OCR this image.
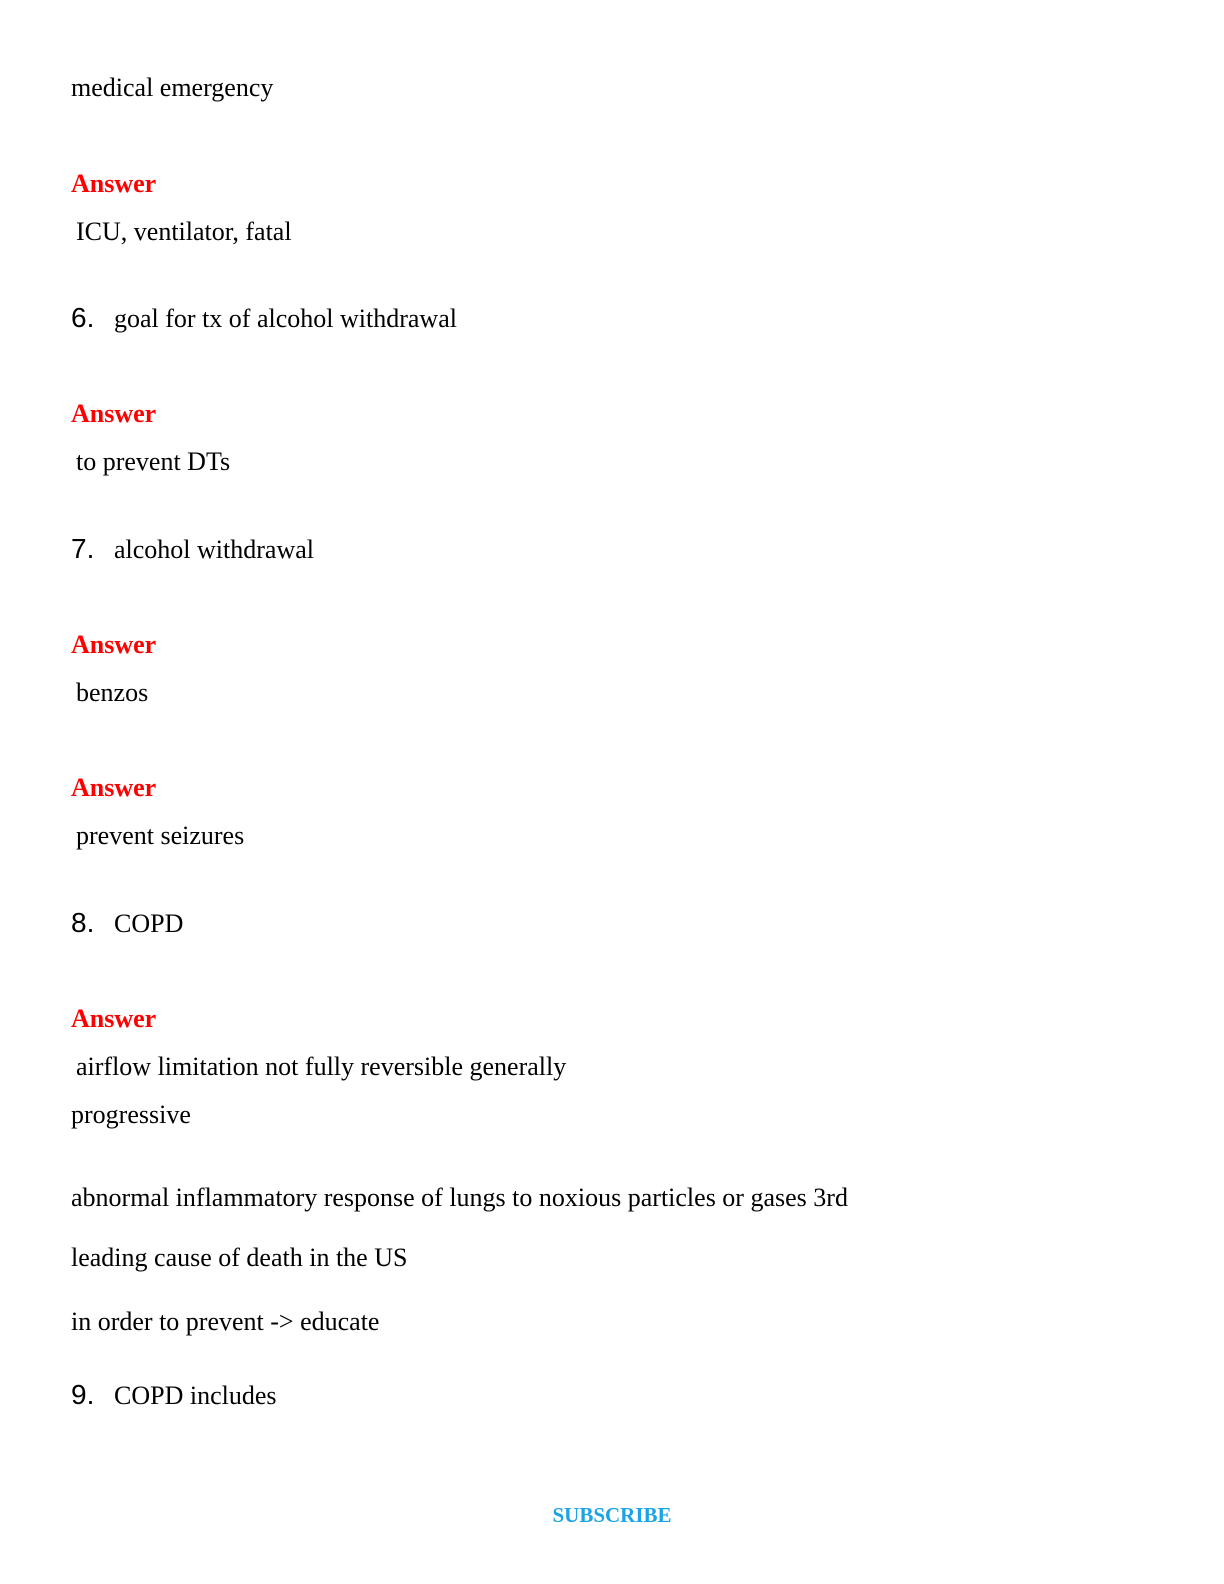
medical emergency
Answer
ICU, ventilator, fatal
6. goal for tx of alcohol withdrawal
Answer
to prevent DTs
7. alcohol withdrawal
Answer
benzos
Answer
prevent seizures
8. COPD
Answer
airflow limitation not fully reversible generally
progressive
abnormal inflammatory response of lungs to noxious particles or gases 3rd
leading cause of death in the US
in order to prevent -> educate
9. COPD includes
SUBSCRIBE
